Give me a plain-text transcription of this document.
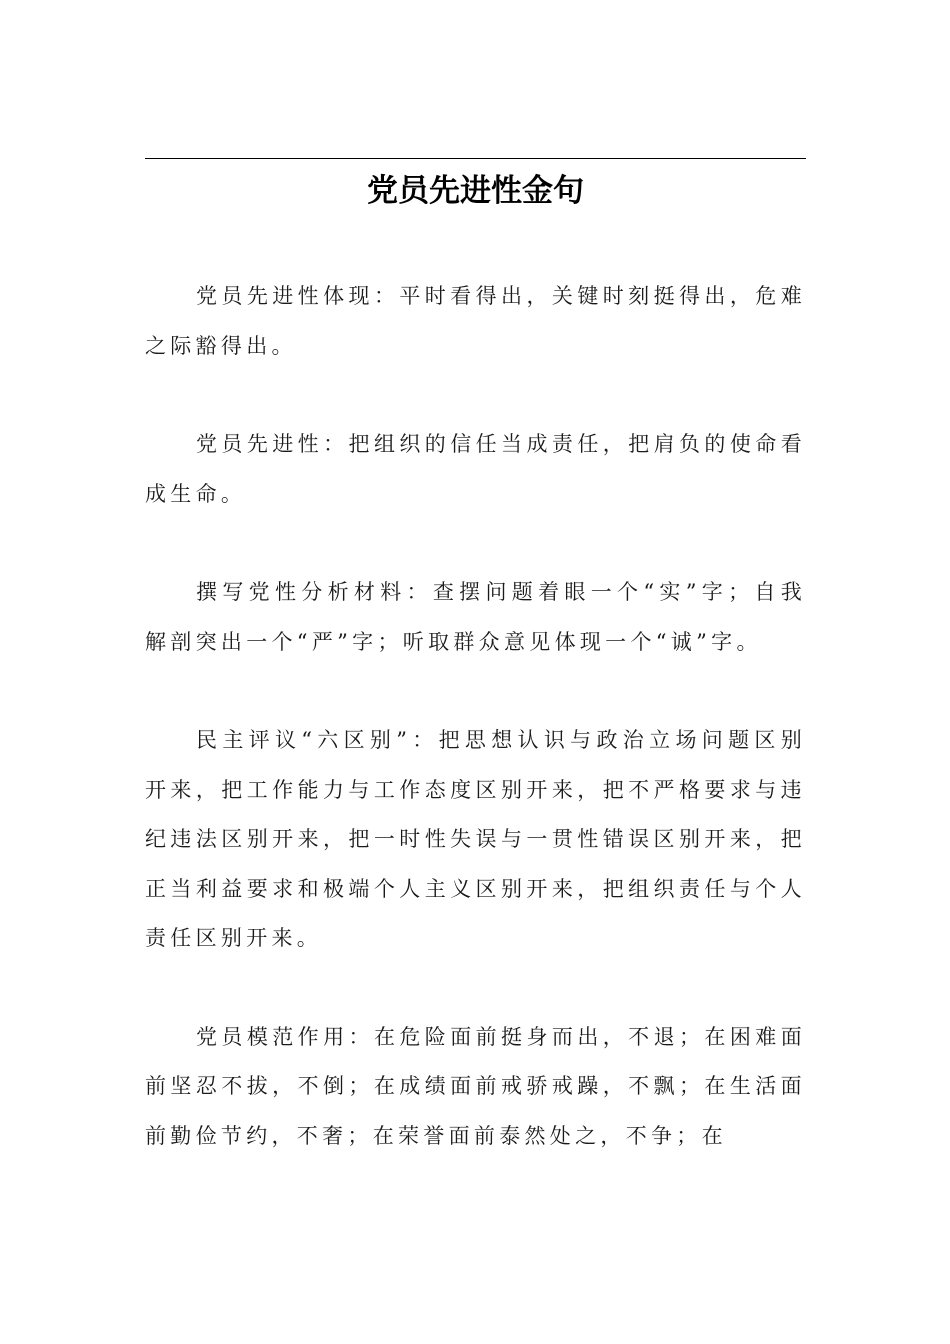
党员先进性金句

党员先进性体现：平时看得出，关键时刻挺得出，危难之际豁得出。

党员先进性：把组织的信任当成责任，把肩负的使命看成生命。

撰写党性分析材料：查摆问题着眼一个“实”字；自我解剖突出一个“严”字；听取群众意见体现一个“诚”字。

民主评议“六区别”：把思想认识与政治立场问题区别开来，把工作能力与工作态度区别开来，把不严格要求与违纪违法区别开来，把一时性失误与一贯性错误区别开来，把正当利益要求和极端个人主义区别开来，把组织责任与个人责任区别开来。

党员模范作用：在危险面前挺身而出，不退；在困难面前坚忍不拔，不倒；在成绩面前戒骄戒躁，不飘；在生活面前勤俭节约，不奢；在荣誉面前泰然处之，不争；在
